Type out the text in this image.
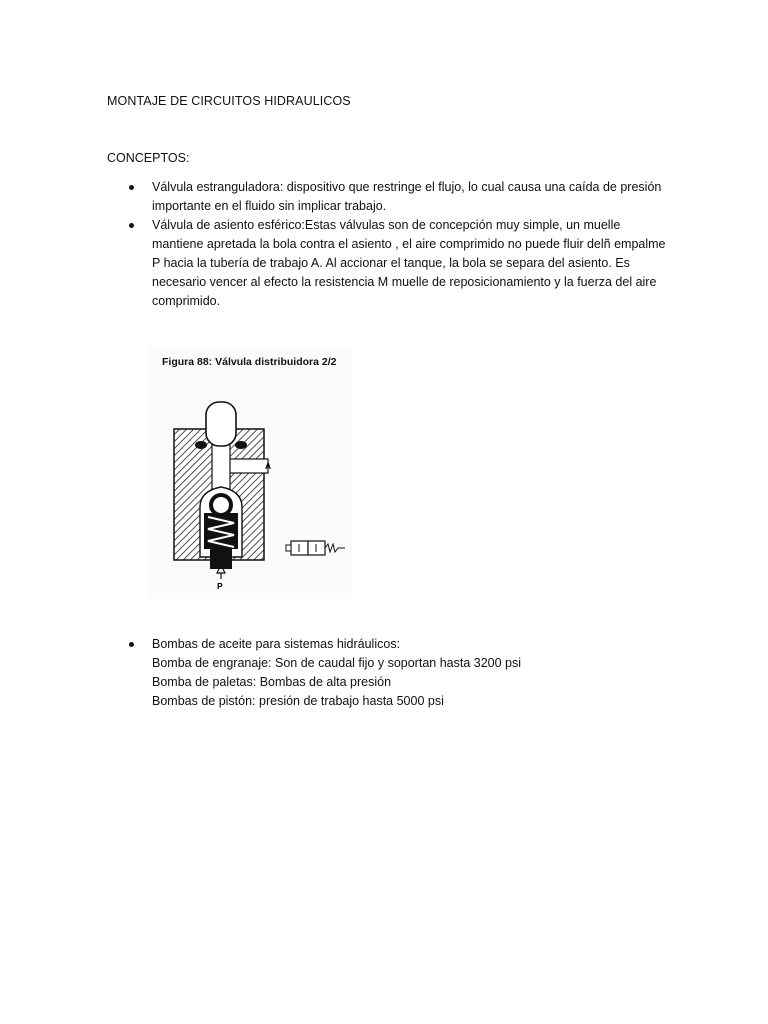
MONTAJE DE CIRCUITOS HIDRAULICOS
CONCEPTOS:
Válvula estranguladora: dispositivo que restringe el flujo, lo cual causa una caída de presión importante en el fluido sin implicar trabajo.
Válvula de asiento esférico:Estas válvulas son de concepción muy simple, un muelle mantiene apretada la bola contra el asiento , el aire comprimido no puede fluir delñ empalme P hacia la tubería de trabajo A. Al accionar el tanque, la bola se separa del asiento. Es necesario vencer al efecto la resistencia M muelle de reposicionamiento y la fuerza del aire comprimido.
Figura 88: Válvula distribuidora 2/2
A
P
Bombas de aceite para sistemas hidráulicos:
Bomba de engranaje: Son de caudal fijo y soportan hasta 3200 psi
Bomba de paletas: Bombas de alta presión
Bombas de pistón: presión de trabajo hasta 5000 psi
